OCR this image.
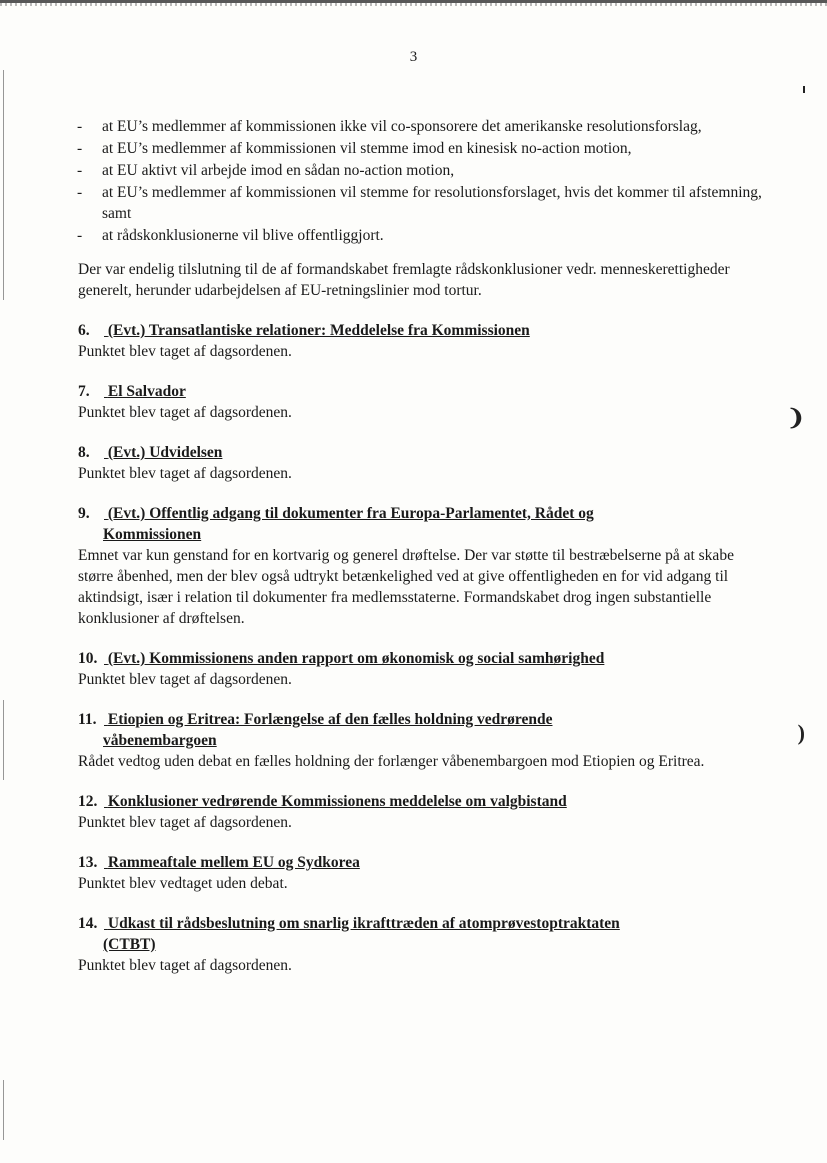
❩
)
3
- at EU’s medlemmer af kommissionen ikke vil co-sponsorere det amerikanske resolutionsforslag,
- at EU’s medlemmer af kommissionen vil stemme imod en kinesisk no-action motion,
- at EU aktivt vil arbejde imod en sådan no-action motion,
- at EU’s medlemmer af kommissionen vil stemme for resolutionsforslaget, hvis det kommer til afstemning, samt
- at rådskonklusionerne vil blive offentliggjort.

Der var endelig tilslutning til de af formandskabet fremlagte rådskonklusioner vedr. menneskerettigheder generelt, herunder udarbejdelsen af EU-retningslinier mod tortur.

6. (Evt.) Transatlantiske relationer: Meddelelse fra Kommissionen

Punktet blev taget af dagsordenen.

7. El Salvador

Punktet blev taget af dagsordenen.

8. (Evt.) Udvidelsen

Punktet blev taget af dagsordenen.

9. (Evt.) Offentlig adgang til dokumenter fra Europa-Parlamentet, Rådet og
Kommissionen

Emnet var kun genstand for en kortvarig og generel drøftelse. Der var støtte til bestræbelserne på at skabe større åbenhed, men der blev også udtrykt betænkelighed ved at give offentligheden en for vid adgang til aktindsigt, især i relation til dokumenter fra medlemsstaterne. Formandskabet drog ingen substantielle konklusioner af drøftelsen.

10. (Evt.) Kommissionens anden rapport om økonomisk og social samhørighed

Punktet blev taget af dagsordenen.

11. Etiopien og Eritrea: Forlængelse af den fælles holdning vedrørende
våbenembargoen

Rådet vedtog uden debat en fælles holdning der forlænger våbenembargoen mod Etiopien og Eritrea.

12. Konklusioner vedrørende Kommissionens meddelelse om valgbistand

Punktet blev taget af dagsordenen.

13. Rammeaftale mellem EU og Sydkorea

Punktet blev vedtaget uden debat.

14. Udkast til rådsbeslutning om snarlig ikrafttræden af atomprøvestoptraktaten
(CTBT)

Punktet blev taget af dagsordenen.
